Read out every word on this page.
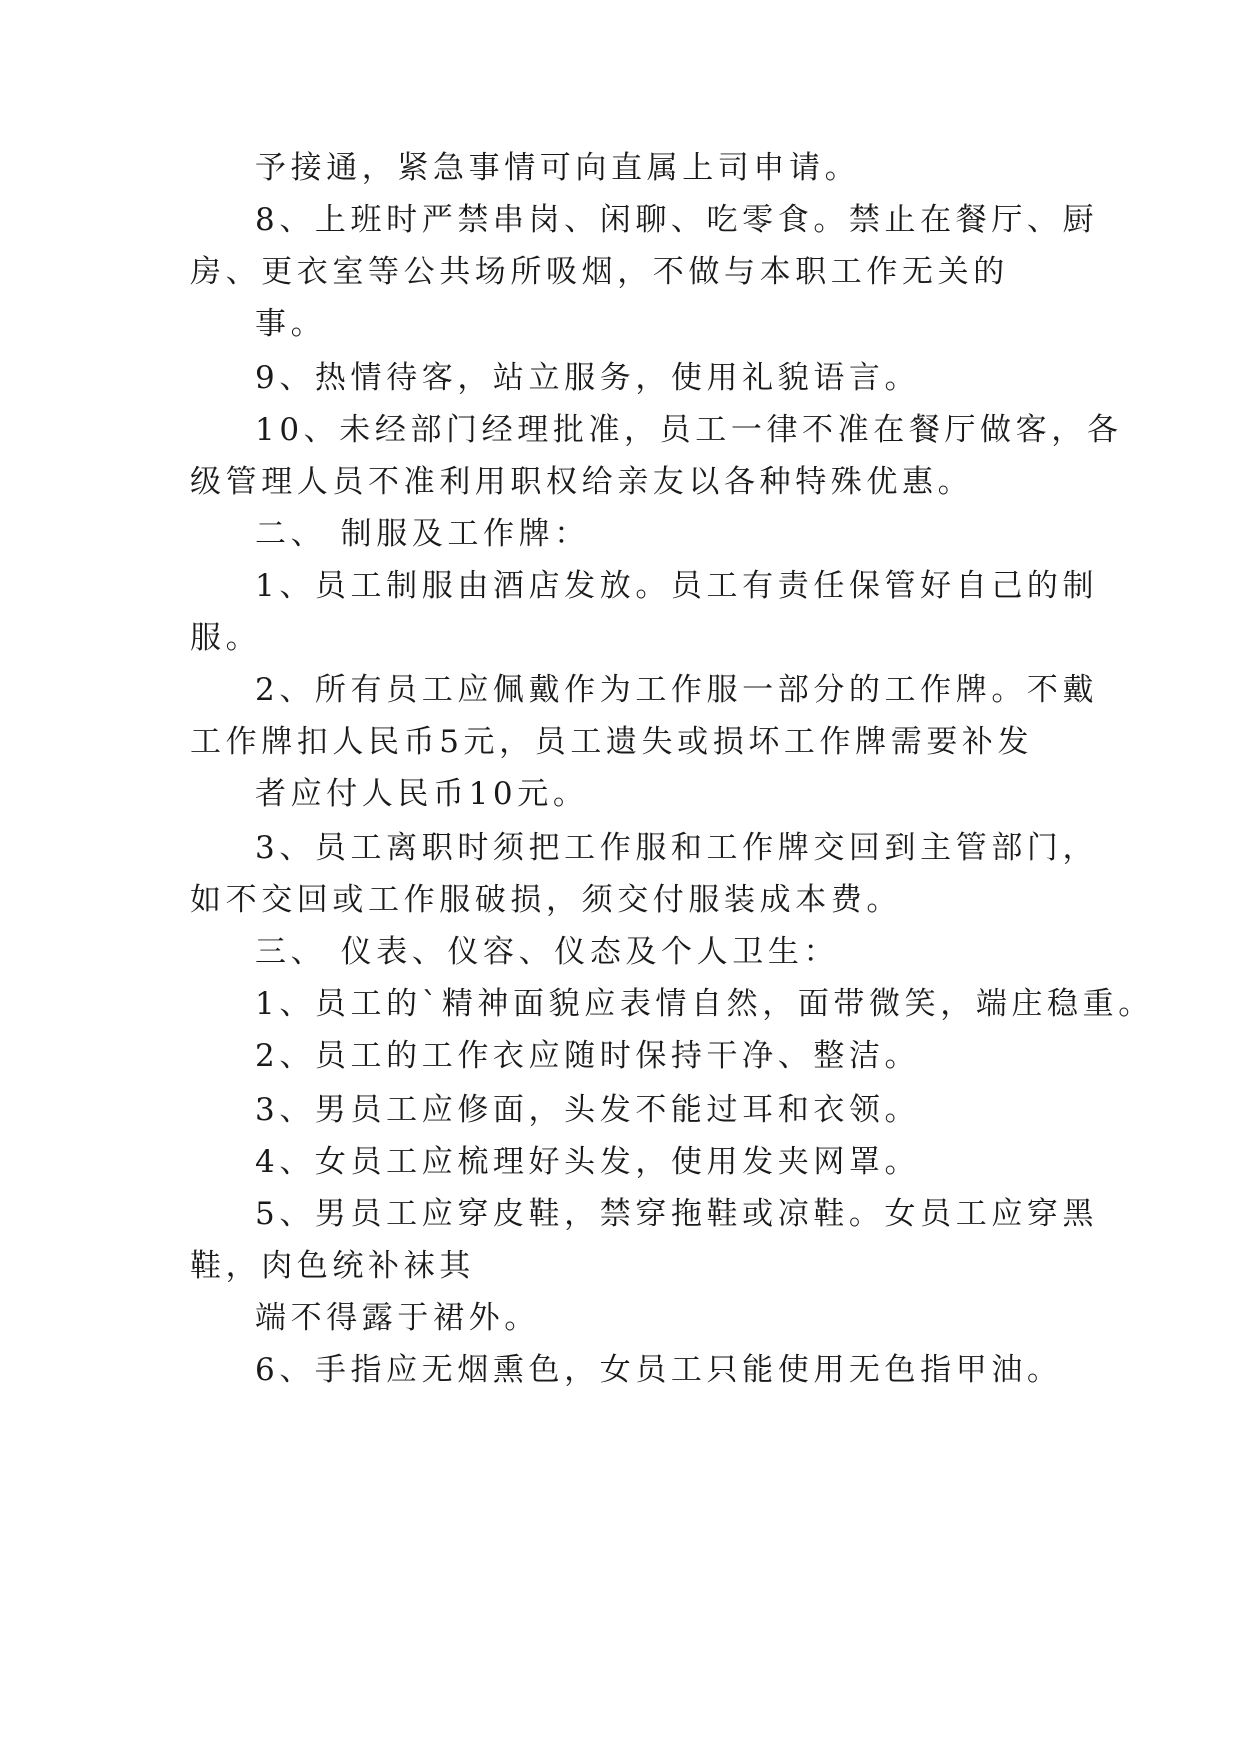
予接通，紧急事情可向直属上司申请。
8、上班时严禁串岗、闲聊、吃零食。禁止在餐厅、厨
房、更衣室等公共场所吸烟，不做与本职工作无关的
事。
9、热情待客，站立服务，使用礼貌语言。
10、未经部门经理批准，员工一律不准在餐厅做客，各
级管理人员不准利用职权给亲友以各种特殊优惠。
二、 制服及工作牌：
1、员工制服由酒店发放。员工有责任保管好自己的制
服。
2、所有员工应佩戴作为工作服一部分的工作牌。不戴
工作牌扣人民币5元，员工遗失或损坏工作牌需要补发
者应付人民币10元。
3、员工离职时须把工作服和工作牌交回到主管部门，
如不交回或工作服破损，须交付服装成本费。
三、 仪表、仪容、仪态及个人卫生：
1、员工的`精神面貌应表情自然，面带微笑，端庄稳重。
2、员工的工作衣应随时保持干净、整洁。
3、男员工应修面，头发不能过耳和衣领。
4、女员工应梳理好头发，使用发夹网罩。
5、男员工应穿皮鞋，禁穿拖鞋或凉鞋。女员工应穿黑
鞋，肉色统补袜其
端不得露于裙外。
6、手指应无烟熏色，女员工只能使用无色指甲油。
